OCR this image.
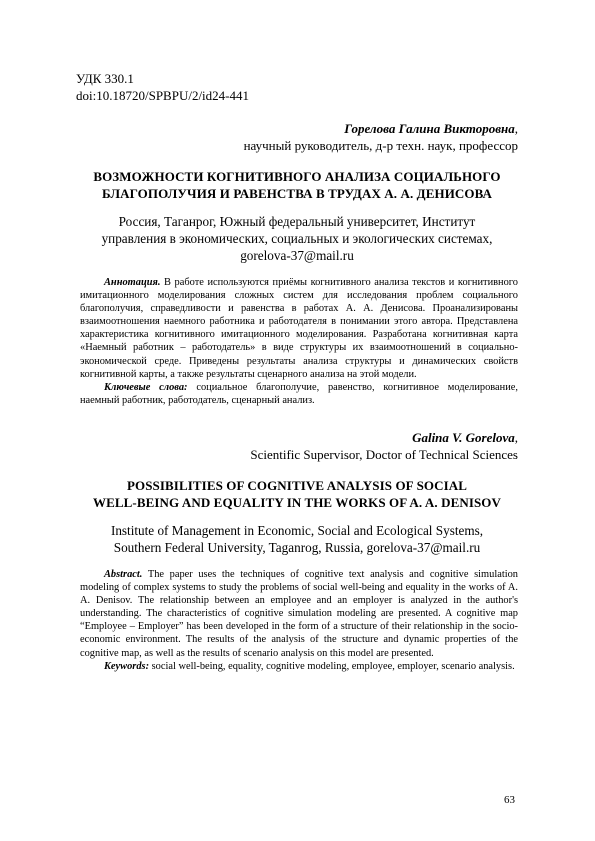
УДК 330.1
doi:10.18720/SPBPU/2/id24-441
Горелова Галина Викторовна,
научный руководитель, д-р техн. наук, профессор
ВОЗМОЖНОСТИ КОГНИТИВНОГО АНАЛИЗА СОЦИАЛЬНОГО
БЛАГОПОЛУЧИЯ И РАВЕНСТВА В ТРУДАХ А. А. ДЕНИСОВА
Россия, Таганрог, Южный федеральный университет, Институт
управления в экономических, социальных и экологических системах,
gorelova-37@mail.ru

Аннотация. В работе используются приёмы когнитивного анализа текстов и когнитивного имитационного моделирования сложных систем для исследования проблем социального благополучия, справедливости и равенства в работах А. А. Денисова. Проанализированы взаимоотношения наемного работника и работодателя в понимании этого автора. Представлена характеристика когнитивного имитационного моделирования. Разработана когнитивная карта «Наемный работник – работодатель» в виде структуры их взаимоотношений в социально-экономической среде. Приведены результаты анализа структуры и динамических свойств когнитивной карты, а также результаты сценарного анализа на этой модели.

Ключевые слова: социальное благополучие, равенство, когнитивное моделирование, наемный работник, работодатель, сценарный анализ.

Galina V. Gorelova,
Scientific Supervisor, Doctor of Technical Sciences
POSSIBILITIES OF COGNITIVE ANALYSIS OF SOCIAL
WELL-BEING AND EQUALITY IN THE WORKS OF A. A. DENISOV
Institute of Management in Economic, Social and Ecological Systems,
Southern Federal University, Taganrog, Russia, gorelova-37@mail.ru

Abstract. The paper uses the techniques of cognitive text analysis and cognitive simulation modeling of complex systems to study the problems of social well-being and equality in the works of A. A. Denisov. The relationship between an employee and an employer is analyzed in the author's understanding. The characteristics of cognitive simulation modeling are presented. A cognitive map “Employee – Employer” has been developed in the form of a structure of their relationship in the socio-economic environment. The results of the analysis of the structure and dynamic properties of the cognitive map, as well as the results of scenario analysis on this model are presented.

Keywords: social well-being, equality, cognitive modeling, employee, employer, scenario analysis.

63
